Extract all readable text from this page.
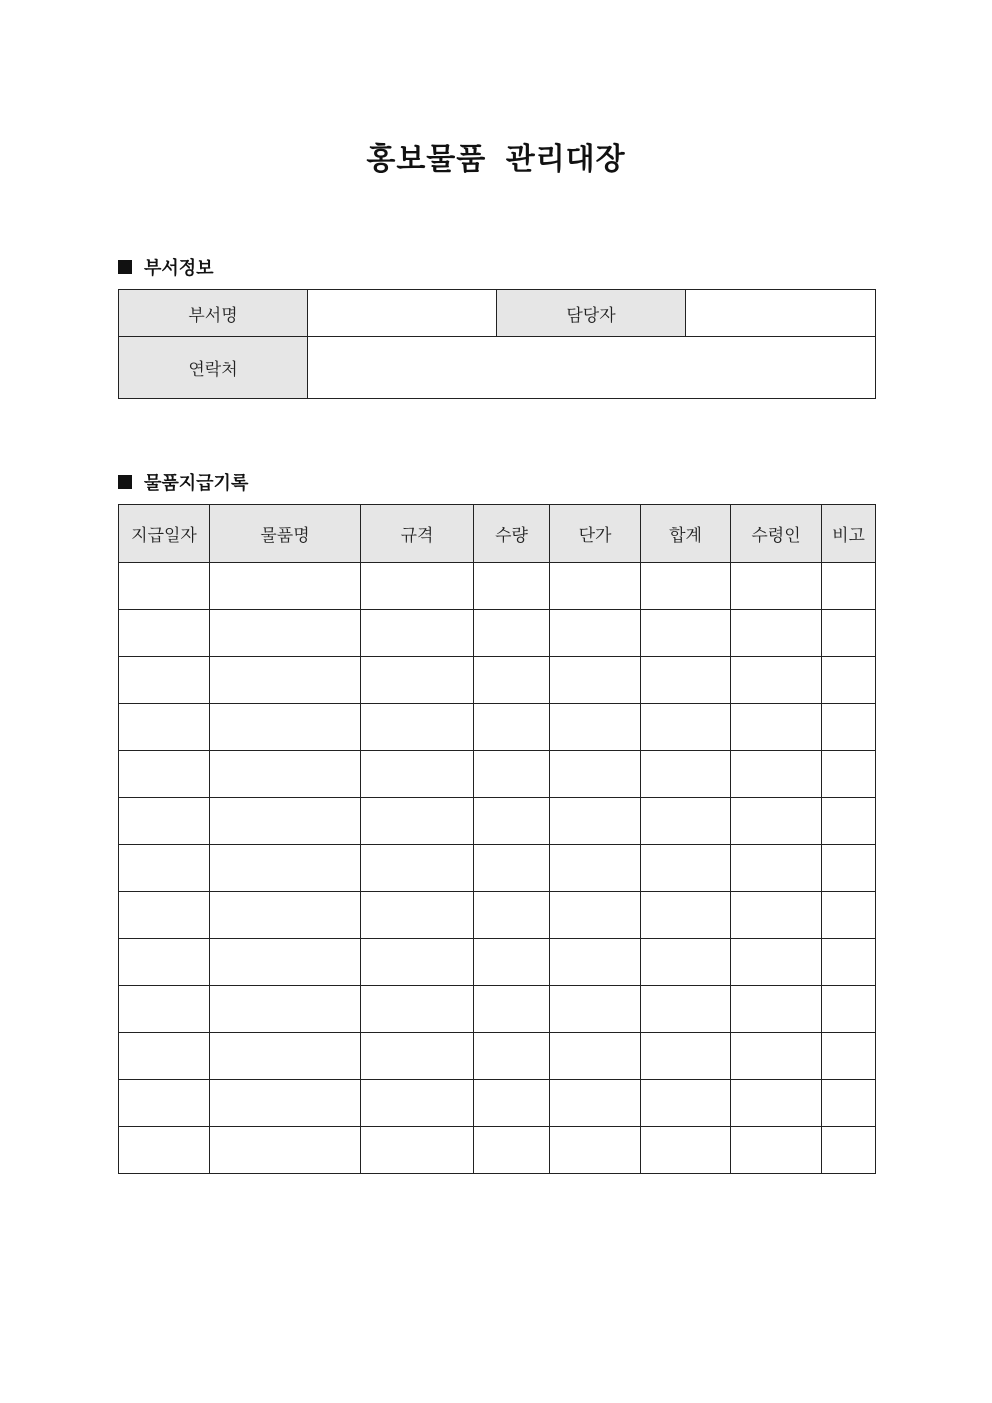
홍보물품 관리대장
부서정보
부서명		담당자	
연락처			
물품지급기록
지급일자	물품명	규격	수량	단가	합계	수령인	비고
